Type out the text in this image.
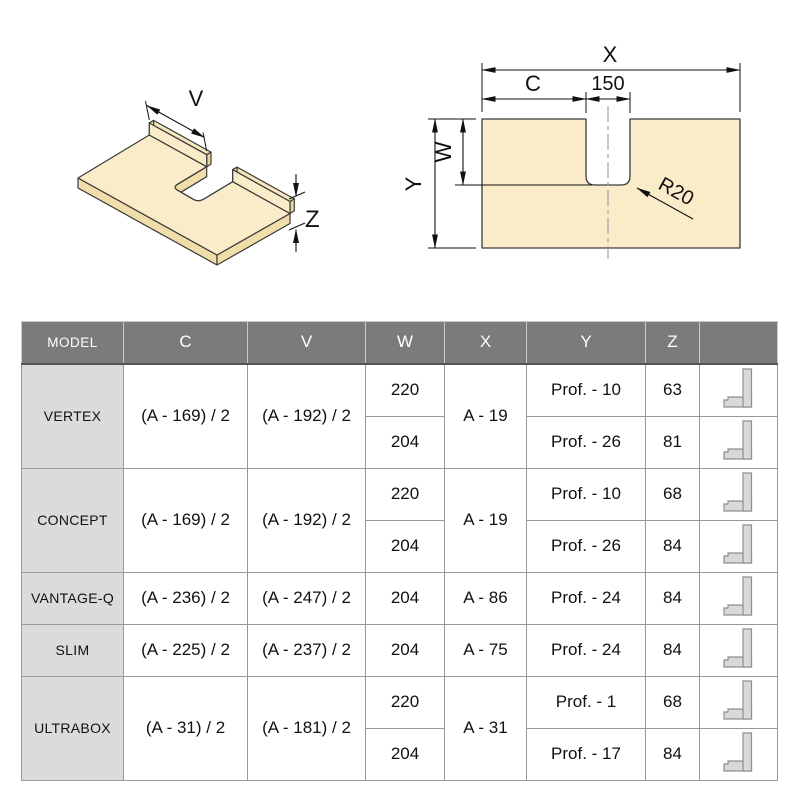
V
Z
X
C	150
Y
W
R20
MODEL	C	V	W	X	Y	Z	
VERTEX	(A - 169) / 2	(A - 192) / 2	220	A - 19	Prof. - 10	63	
			204		Prof. - 26	81	
CONCEPT	(A - 169) / 2	(A - 192) / 2	220	A - 19	Prof. - 10	68	
			204		Prof. - 26	84	
VANTAGE-Q	(A - 236) / 2	(A - 247) / 2	204	A - 86	Prof. - 24	84	
SLIM	(A - 225) / 2	(A - 237) / 2	204	A - 75	Prof. - 24	84	
ULTRABOX	(A - 31) / 2	(A - 181) / 2	220	A - 31	Prof. - 1	68	
			204		Prof. - 17	84	
